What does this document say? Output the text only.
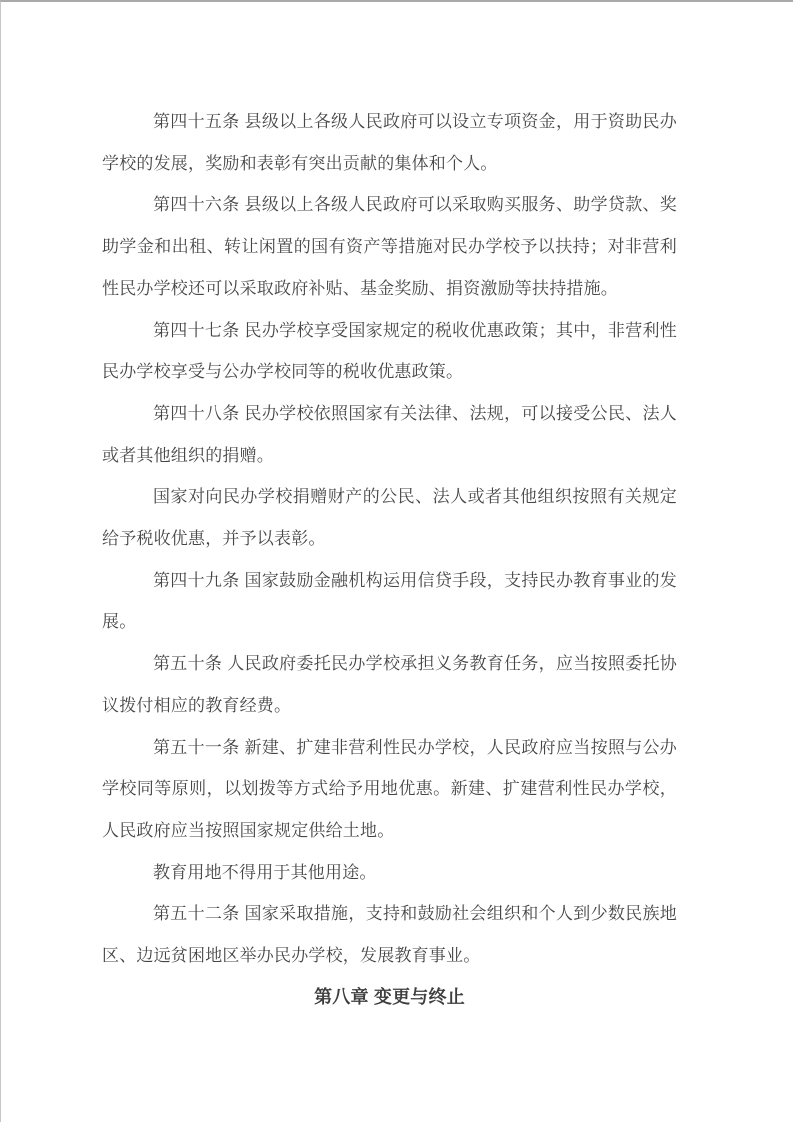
第四十五条 县级以上各级人民政府可以设立专项资金，用于资助民办学校的发展，奖励和表彰有突出贡献的集体和个人。

第四十六条 县级以上各级人民政府可以采取购买服务、助学贷款、奖助学金和出租、转让闲置的国有资产等措施对民办学校予以扶持；对非营利性民办学校还可以采取政府补贴、基金奖励、捐资激励等扶持措施。

第四十七条 民办学校享受国家规定的税收优惠政策；其中，非营利性民办学校享受与公办学校同等的税收优惠政策。

第四十八条 民办学校依照国家有关法律、法规，可以接受公民、法人或者其他组织的捐赠。

国家对向民办学校捐赠财产的公民、法人或者其他组织按照有关规定给予税收优惠，并予以表彰。

第四十九条 国家鼓励金融机构运用信贷手段，支持民办教育事业的发展。

第五十条 人民政府委托民办学校承担义务教育任务，应当按照委托协议拨付相应的教育经费。

第五十一条 新建、扩建非营利性民办学校，人民政府应当按照与公办学校同等原则，以划拨等方式给予用地优惠。新建、扩建营利性民办学校，人民政府应当按照国家规定供给土地。

教育用地不得用于其他用途。

第五十二条 国家采取措施，支持和鼓励社会组织和个人到少数民族地区、边远贫困地区举办民办学校，发展教育事业。

第八章 变更与终止
